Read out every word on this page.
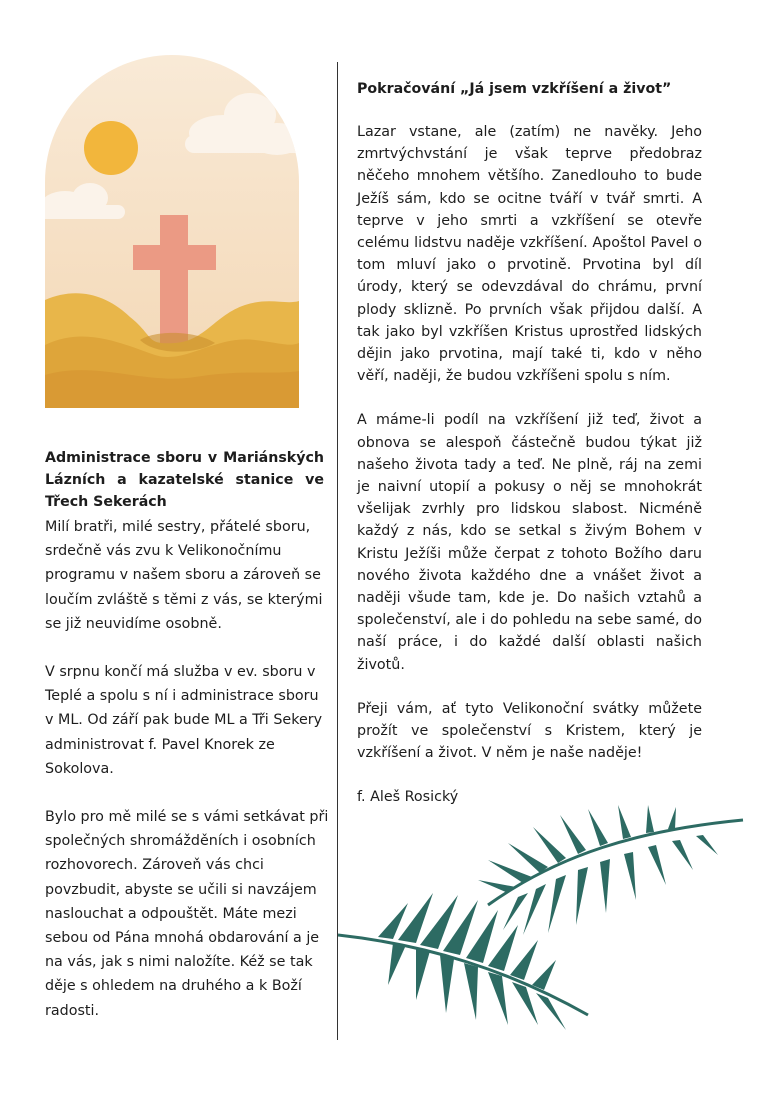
Administrace sboru v Mariánských Lázních a kazatelské stanice ve Třech Sekerách

Milí bratři, milé sestry, přátelé sboru, srdečně vás zvu k Velikonočnímu programu v našem sboru a zároveň se loučím zvláště s těmi z vás, se kterými se již neuvidíme osobně.

V srpnu končí má služba v ev. sboru v Teplé a spolu s ní i administrace sboru v ML. Od září pak bude ML a Tři Sekery administrovat f. Pavel Knorek ze Sokolova.

Bylo pro mě milé se s vámi setkávat při společných shromážděních i osobních rozhovorech. Zároveň vás chci povzbudit, abyste se učili si navzájem naslouchat a odpouštět. Máte mezi sebou od Pána mnohá obdarování a je na vás, jak s nimi naložíte. Kéž se tak děje s ohledem na druhého a k Boží radosti.

Pokračování „Já jsem vzkříšení a život”

Lazar vstane, ale (zatím) ne navěky. Jeho zmrtvýchvstání je však teprve předobraz něčeho mnohem většího. Zanedlouho to bude Ježíš sám, kdo se ocitne tváří v tvář smrti. A teprve v jeho smrti a vzkříšení se otevře celému lidstvu naděje vzkříšení. Apoštol Pavel o tom mluví jako o prvotině. Prvotina byl díl úrody, který se odevzdával do chrámu, první plody sklizně. Po prvních však přijdou další. A tak jako byl vzkříšen Kristus uprostřed lidských dějin jako prvotina, mají také ti, kdo v něho věří, naději, že budou vzkříšeni spolu s ním.

A máme-li podíl na vzkříšení již teď, život a obnova se alespoň částečně budou týkat již našeho života tady a teď. Ne plně, ráj na zemi je naivní utopií a pokusy o něj se mnohokrát všelijak zvrhly pro lidskou slabost. Nicméně každý z nás, kdo se setkal s živým Bohem v Kristu Ježíši může čerpat z tohoto Božího daru nového života každého dne a vnášet život a naději všude tam, kde je. Do našich vztahů a společenství, ale i do pohledu na sebe samé, do naší práce, i do každé další oblasti našich životů.

Přeji vám, ať tyto Velikonoční svátky můžete prožít ve společenství s Kristem, který je vzkříšení a život. V něm je naše naděje!

f. Aleš Rosický
